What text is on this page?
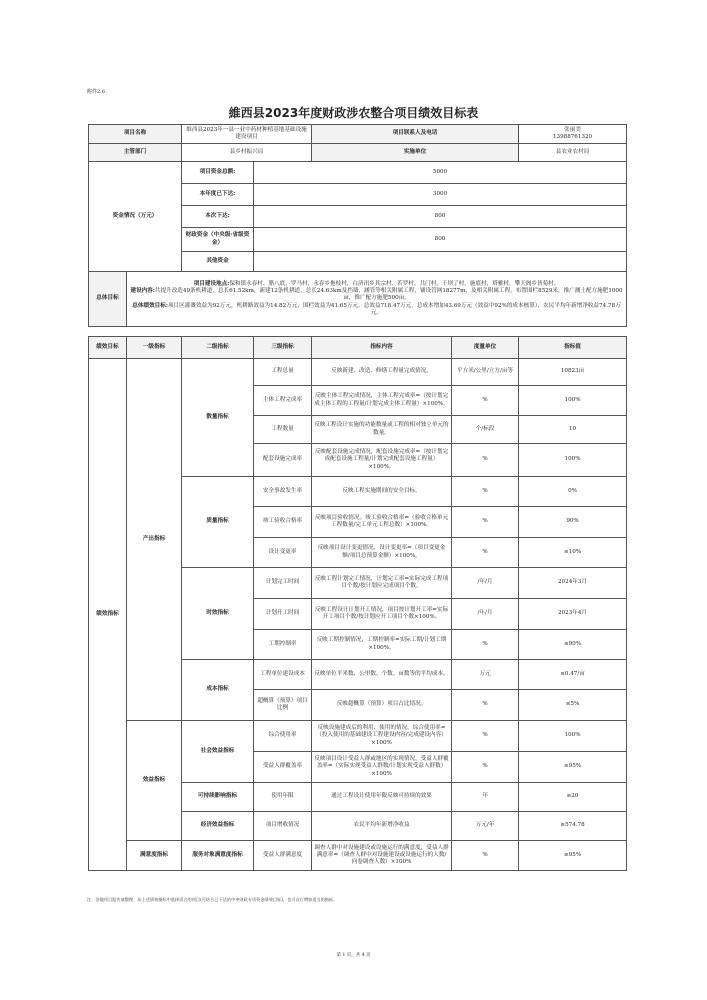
附件2.6
維西县2023年度财政涉农整合项目绩效目标表
项目名称		维西县2023年一县一业中药材种植基地基础设施建设项目		项目联系人及电话		张丽美
13988761320

主管部门		县乡村振兴局		实施单位		县农业农村局
资金情况（万元）		项目资金总额:	5000			
		本年度已下达:	3000			
		本次下达:	800			
		财政资金（中央级·省级资金）	800			
		其他资金				
总体目标	项目建设地点:保和镇永春村、腊八底、罗马村，永春乡拖枝村，白济汛乡其宗村、若罗村、共门村，千坝了村，施底村，塔雅村，攀天阁乡皆菊村。
建设内容:共提升改造49条机耕道，总长61.52km，新建12条机耕道，总长24.63km及挡墙，涵管等相关附属工程，铺设管网18277m，及相关附属工程，布置围栏8529米，推广测土配方施肥1000亩，推广配方施肥500亩。
总体绩效目标:项目区灌溉效益为92万元，机耕路效益为14.82万元，围栏效益为41.65万元，总效益718.47万元，总成本增加43.69万元（效益中92%的成本核算），农民平均年新增净收益74.78万元。					

绩效目标	一级指标	二级指标	三级指标	指标内容	度量单位	指标值
绩效指标	产出指标	数量指标	工程总量	反映新建、改造、修缮工程量完成情况。	平方米/公里/立方/亩等	10823亩
			主体工程完成率	反映主体工程完成情况，主体工程完成率=（按计划完成主体工程的工程量/计划完成主体工程量）×100%。	%	100%
			工程数量	反映工程设计实施的功能数量或工程的相对独立单元的数量。	个/标段	10
			配套设施完成率	反映配套设施完成情况，配套设施完成率=（按计划完成配套设施工程量/计划完成配套设施工程量）×100%。	%	100%
		质量指标	安全事故发生率	反映工程实施期间的安全目标。	%	0%
			竣工验收合格率	反映项目验收情况。竣工验收合格率=（验收合格单元工程数量/完工单元工程总数）×100%。	%	90%
			设计变更率	反映项目设计变更情况，设计变更率=（项目变更金额/项目总预算金额）×100%。	%	≤10%
		时效指标	计划完工时间	反映工程计划完工情况，计划完工率=实际完成工程项目个数/按计划应完成项目个数。	/年/月	2024年3月
			计划开工时间	反映工程设计计划开工情况，项目按计划开工率=实际开工项目个数/按计划应开工项目个数×100%。	/年/月	2023年4月
			工期控制率	反映工期控制情况，工期控制率=实际工期/计划工期×100%。	%	≤90%
		成本指标	工程单位建设成本	反映单位平米数、公里数、个数、亩数等的平均成本。	万元	≤0.47/亩
			超概算（预算）项目比例	反映超概算（预算）项目占比情况。	%	≤5%
	效益指标	社会效益指标	综合使用率	反映设施建成后的利用、使用的情况。综合使用率=（投入使用的基础建设工程建设内容/完成建设内容）×100%	%	100%
			受益人群覆盖率	反映项目设计受益人群或地区的实现情况，受益人群覆盖率=（实际实现受益人群数/计划实现受益人群数）×100%	%	≥95%
		可持续影响指标	使用年限	通过工程设计使用年限反映可持续的效果	年	≥20
		经济效益指标	项目增收情况	农民平均年新增净收益	万元/年	≥574.78
	满意度指标	服务对象满意度指标	受益人群满意度	调查人群中对设施建设或设施运行的满意度，受益人群满意率=（调查人群中对设施建设或设施运行的人数/问卷调查人数）×100%	%	≥95%
注：各地项目报告请整理、从上述绩效指标中选择适合的项目(可结合已下达的中央财政专项资金绩效目标)，也可自行增加适当的指标。
第 1 页，共 4 页
